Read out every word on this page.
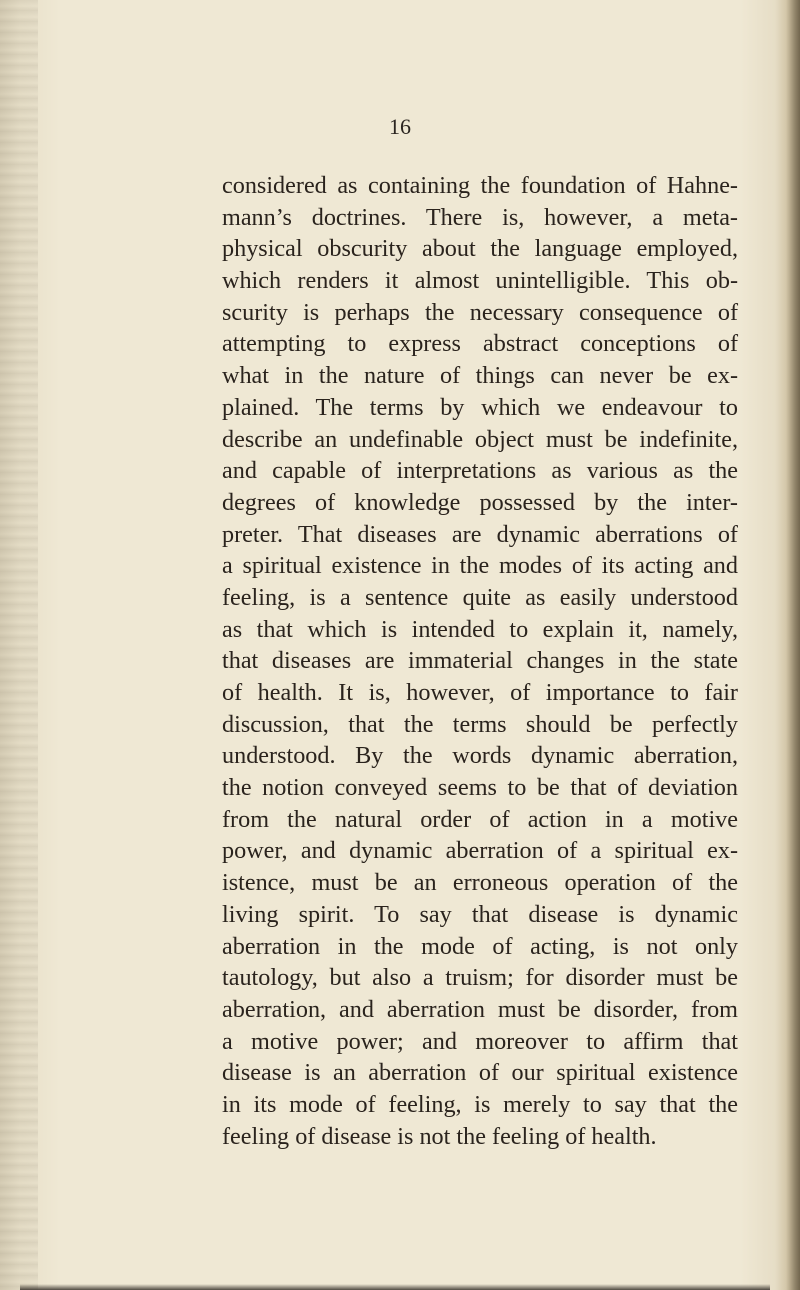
16

considered as containing the foundation of Hahne-
mann’s doctrines. There is, however, a meta-
physical obscurity about the language employed,
which renders it almost unintelligible. This ob-
scurity is perhaps the necessary consequence of
attempting to express abstract conceptions of
what in the nature of things can never be ex-
plained. The terms by which we endeavour to
describe an undefinable object must be indefinite,
and capable of interpretations as various as the
degrees of knowledge possessed by the inter-
preter. That diseases are dynamic aberrations of
a spiritual existence in the modes of its acting and
feeling, is a sentence quite as easily understood
as that which is intended to explain it, namely,
that diseases are immaterial changes in the state
of health. It is, however, of importance to fair
discussion, that the terms should be perfectly
understood. By the words dynamic aberration,
the notion conveyed seems to be that of deviation
from the natural order of action in a motive
power, and dynamic aberration of a spiritual ex-
istence, must be an erroneous operation of the
living spirit. To say that disease is dynamic
aberration in the mode of acting, is not only
tautology, but also a truism; for disorder must be
aberration, and aberration must be disorder, from
a motive power; and moreover to affirm that
disease is an aberration of our spiritual existence
in its mode of feeling, is merely to say that the
feeling of disease is not the feeling of health.
